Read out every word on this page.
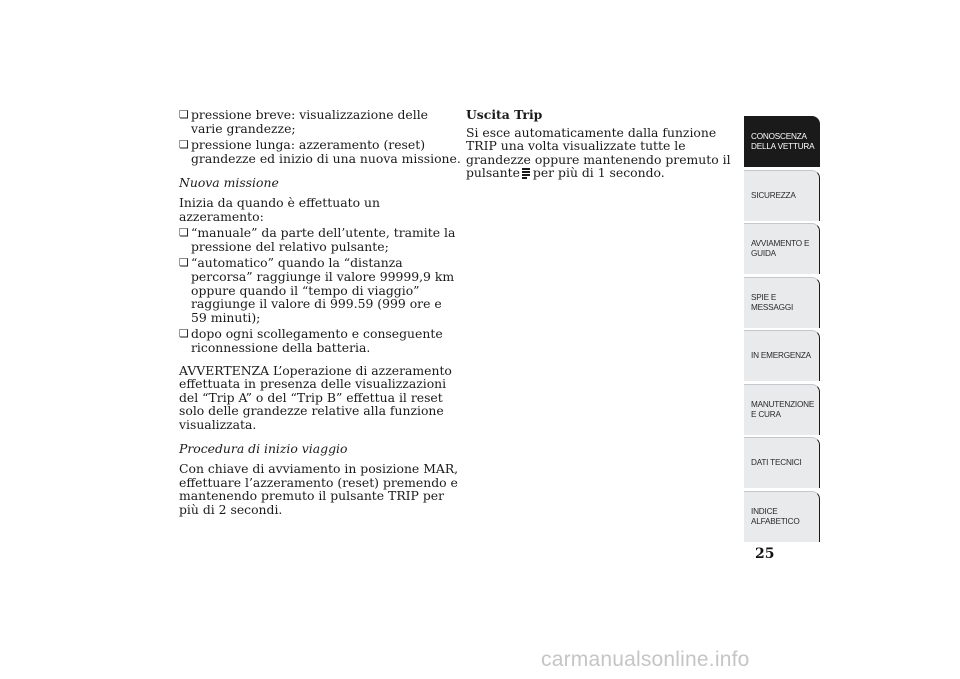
❏ pressione breve: visualizzazione delle varie grandezze;

❏ pressione lunga: azzeramento (reset) grandezze ed inizio di una nuova missione.

Nuova missione

Inizia da quando è effettuato un azzeramento:

❏ “manuale” da parte dell’utente, tramite la pressione del relativo pulsante;

❏ “automatico” quando la “distanza percorsa” raggiunge il valore 99999,9 km oppure quando il “tempo di viaggio” raggiunge il valore di 999.59 (999 ore e 59 minuti);

❏ dopo ogni scollegamento e conseguente riconnessione della batteria.

AVVERTENZA L’operazione di azzeramento effettuata in presenza delle visualizzazioni del “Trip A” o del “Trip B” effettua il reset solo delle grandezze relative alla funzione visualizzata.

Procedura di inizio viaggio

Con chiave di avviamento in posizione MAR, effettuare l’azzeramento (reset) premendo e mantenendo premuto il pulsante TRIP per più di 2 secondi.

Uscita Trip

Si esce automaticamente dalla funzione TRIP una volta visualizzate tutte le grandezze oppure mantenendo premuto il pulsante per più di 1 secondo.

CONOSCENZA DELLA VETTURA
SICUREZZA
AVVIAMENTO E GUIDA
SPIE E MESSAGGI
IN EMERGENZA
MANUTENZIONE E CURA
DATI TECNICI
INDICE ALFABETICO
25
carmanualsonline.info
